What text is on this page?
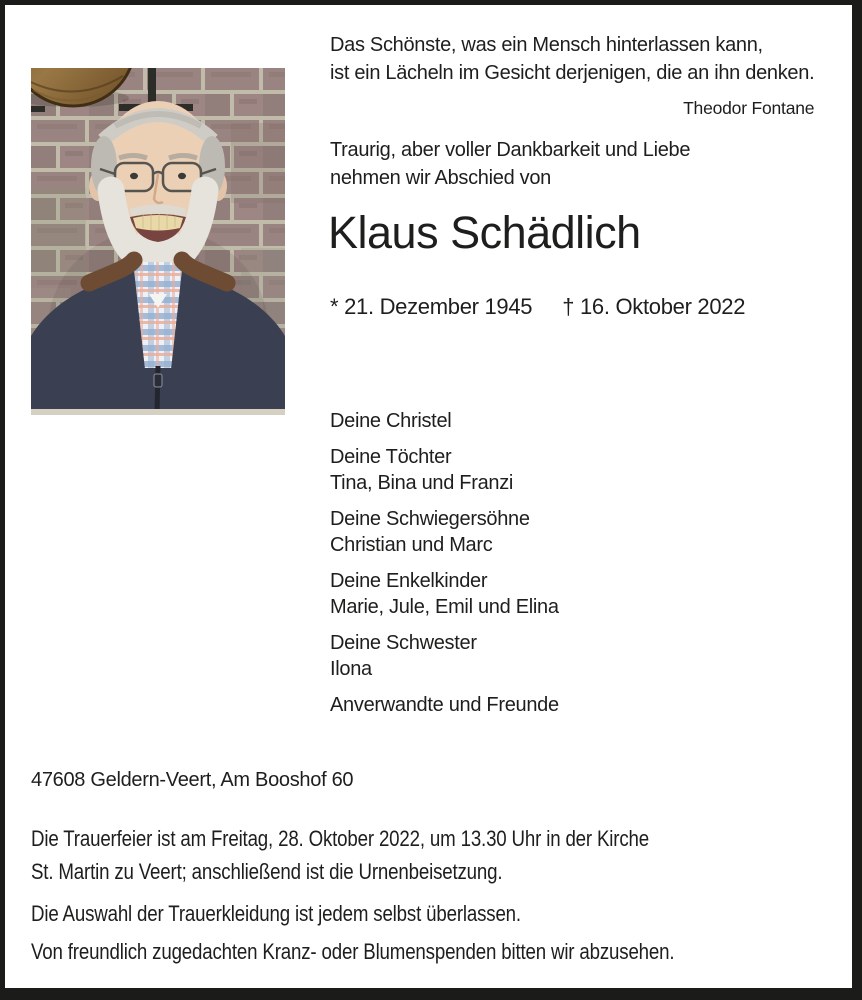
Das Schönste, was ein Mensch hinterlassen kann,
ist ein Lächeln im Gesicht derjenigen, die an ihn denken.
Theodor Fontane
Traurig, aber voller Dankbarkeit und Liebe
nehmen wir Abschied von
Klaus Schädlich
* 21. Dezember 1945 † 16. Oktober 2022
Deine Christel
Deine Töchter
Tina, Bina und Franzi
Deine Schwiegersöhne
Christian und Marc
Deine Enkelkinder
Marie, Jule, Emil und Elina
Deine Schwester
Ilona
Anverwandte und Freunde
47608 Geldern-Veert, Am Booshof 60
Die Trauerfeier ist am Freitag, 28. Oktober 2022, um 13.30 Uhr in der Kirche
St. Martin zu Veert; anschließend ist die Urnenbeisetzung.
Die Auswahl der Trauerkleidung ist jedem selbst überlassen.
Von freundlich zugedachten Kranz- oder Blumenspenden bitten wir abzusehen.
